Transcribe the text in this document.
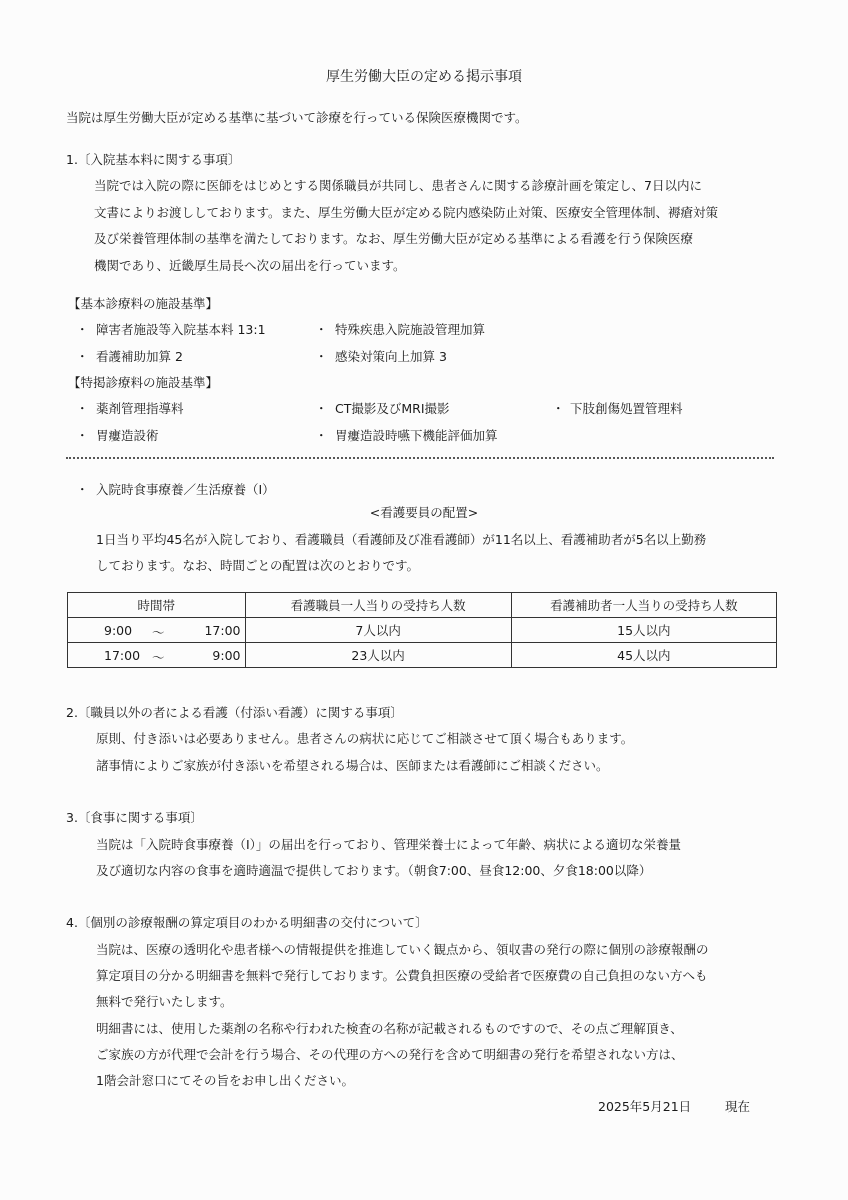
厚生労働大臣の定める掲示事項
当院は厚生労働大臣が定める基準に基づいて診療を行っている保険医療機関です。
1.〔入院基本料に関する事項〕
当院では入院の際に医師をはじめとする関係職員が共同し、患者さんに関する診療計画を策定し、7日以内に
文書によりお渡ししております。また、厚生労働大臣が定める院内感染防止対策、医療安全管理体制、褥瘡対策
及び栄養管理体制の基準を満たしております。なお、厚生労働大臣が定める基準による看護を行う保険医療
機関であり、近畿厚生局長へ次の届出を行っています。
【基本診療料の施設基準】
・ 障害者施設等入院基本料 13:1	・ 特殊疾患入院施設管理加算
・ 看護補助加算 2	・ 感染対策向上加算 3
【特掲診療料の施設基準】
・ 薬剤管理指導料	・ CT撮影及びMRI撮影	・ 下肢創傷処置管理料
・ 胃瘻造設術	・ 胃瘻造設時嚥下機能評価加算
・ 入院時食事療養／生活療養（Ⅰ）
<看護要員の配置>
1日当り平均45名が入院しており、看護職員（看護師及び准看護師）が11名以上、看護補助者が5名以上勤務
しております。なお、時間ごとの配置は次のとおりです。
時間帯	看護職員一人当りの受持ち人数	看護補助者一人当りの受持ち人数

9:00 ～ 17:00	7人以内	15人以内

17:00 ～ 9:00	23人以内	45人以内
2.〔職員以外の者による看護（付添い看護）に関する事項〕
原則、付き添いは必要ありません。患者さんの病状に応じてご相談させて頂く場合もあります。
諸事情によりご家族が付き添いを希望される場合は、医師または看護師にご相談ください。
3.〔食事に関する事項〕
当院は「入院時食事療養（Ⅰ）」の届出を行っており、管理栄養士によって年齢、病状による適切な栄養量
及び適切な内容の食事を適時適温で提供しております。（朝食7:00、昼食12:00、夕食18:00以降）
4.〔個別の診療報酬の算定項目のわかる明細書の交付について〕
当院は、医療の透明化や患者様への情報提供を推進していく観点から、領収書の発行の際に個別の診療報酬の
算定項目の分かる明細書を無料で発行しております。公費負担医療の受給者で医療費の自己負担のない方へも
無料で発行いたします。
明細書には、使用した薬剤の名称や行われた検査の名称が記載されるものですので、その点ご理解頂き、
ご家族の方が代理で会計を行う場合、その代理の方への発行を含めて明細書の発行を希望されない方は、
1階会計窓口にてその旨をお申し出ください。
2025年5月21日	現在
